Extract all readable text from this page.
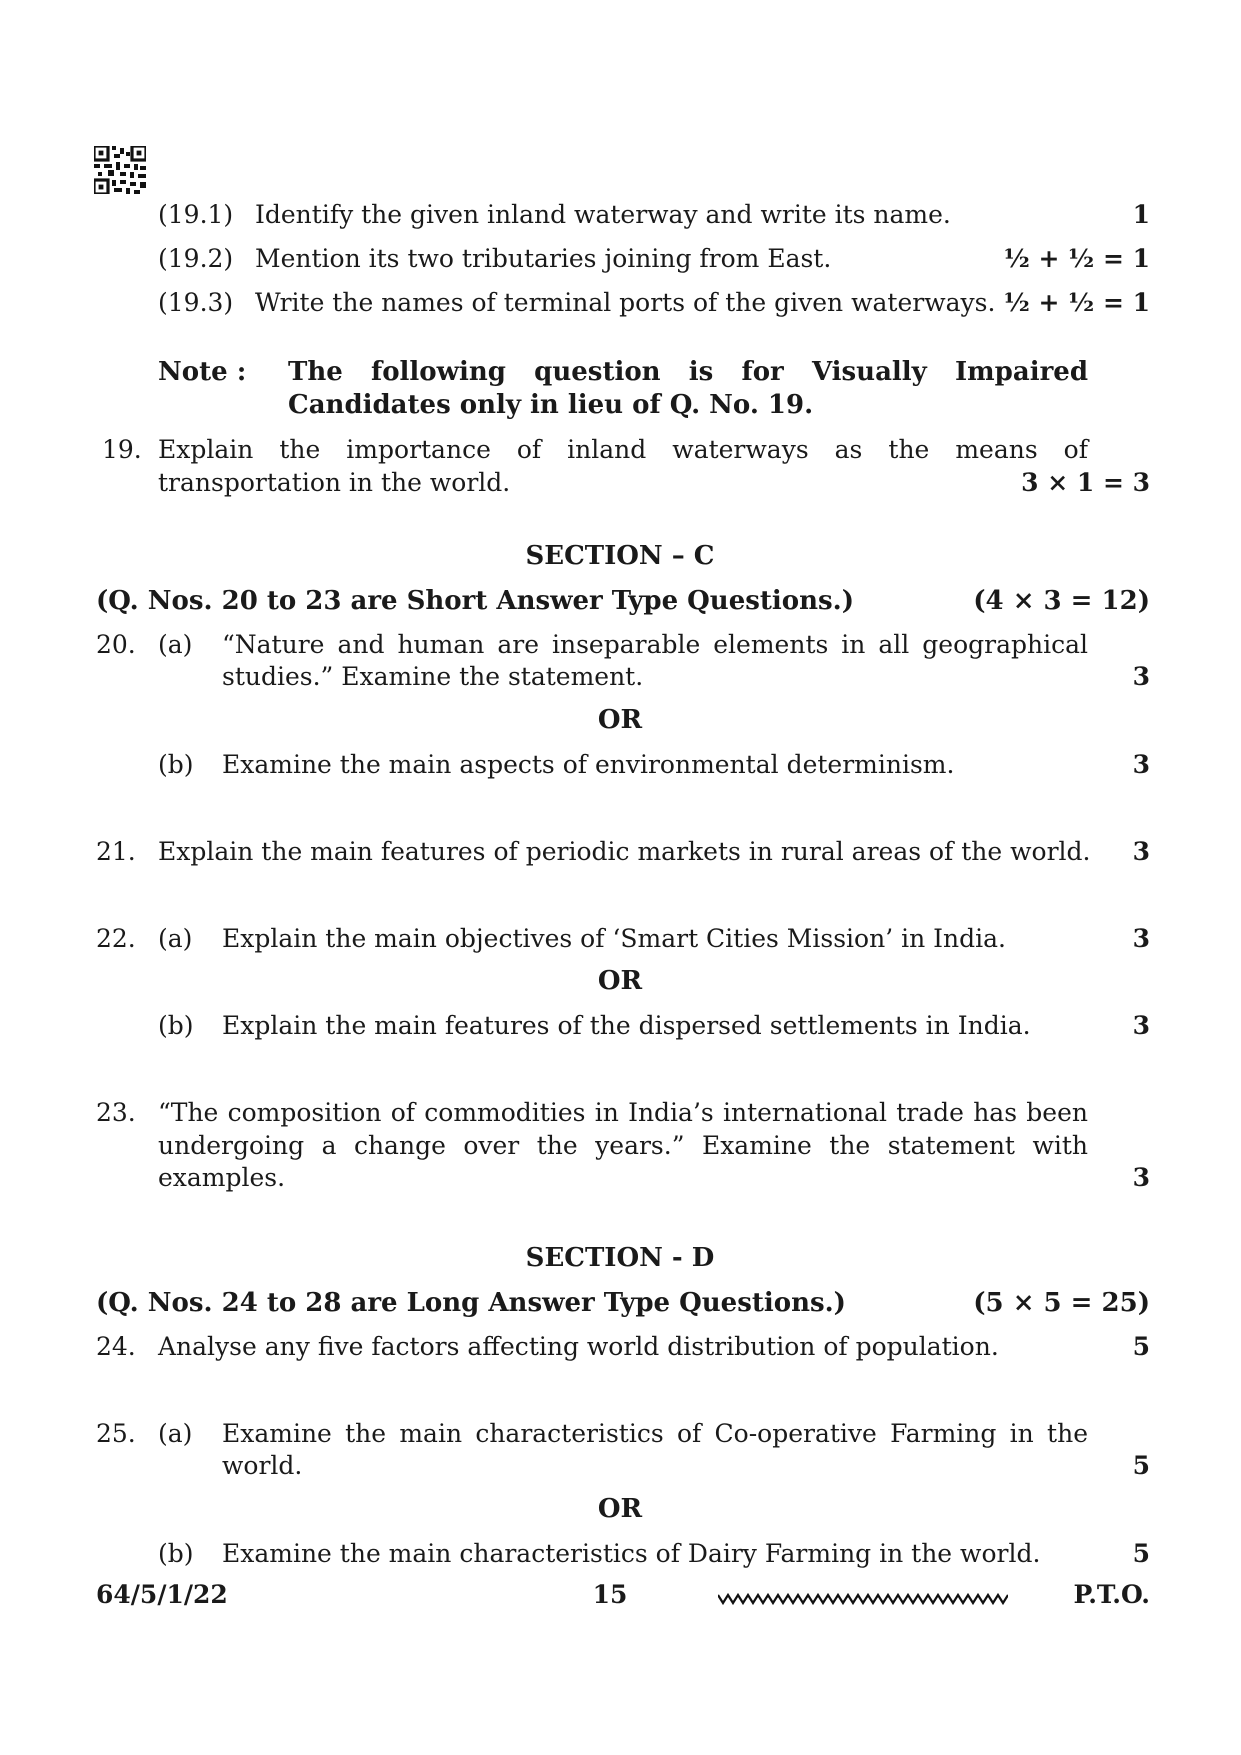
(19.1) Identify the given inland waterway and write its name.	1
(19.2) Mention its two tributaries joining from East.	½ + ½ = 1
(19.3) Write the names of terminal ports of the given waterways. ½ + ½ = 1
Note : The following question is for Visually Impaired
Candidates only in lieu of Q. No. 19.
19. Explain the importance of inland waterways as the means of
transportation in the world.	3 × 1 = 3
SECTION – C
(Q. Nos. 20 to 23 are Short Answer Type Questions.)	(4 × 3 = 12)
20. (a) “Nature and human are inseparable elements in all geographical
studies.” Examine the statement.	3
OR
(b) Examine the main aspects of environmental determinism.	3
21. Explain the main features of periodic markets in rural areas of the world.	3
22. (a) Explain the main objectives of ‘Smart Cities Mission’ in India.	3
OR
(b) Explain the main features of the dispersed settlements in India.	3
23. “The composition of commodities in India’s international trade has been
undergoing a change over the years.” Examine the statement with
examples.	3
SECTION - D
(Q. Nos. 24 to 28 are Long Answer Type Questions.)	(5 × 5 = 25)
24. Analyse any five factors affecting world distribution of population.	5
25. (a) Examine the main characteristics of Co-operative Farming in the
world.	5
OR
(b) Examine the main characteristics of Dairy Farming in the world.	5
64/5/1/22	15	P.T.O.
